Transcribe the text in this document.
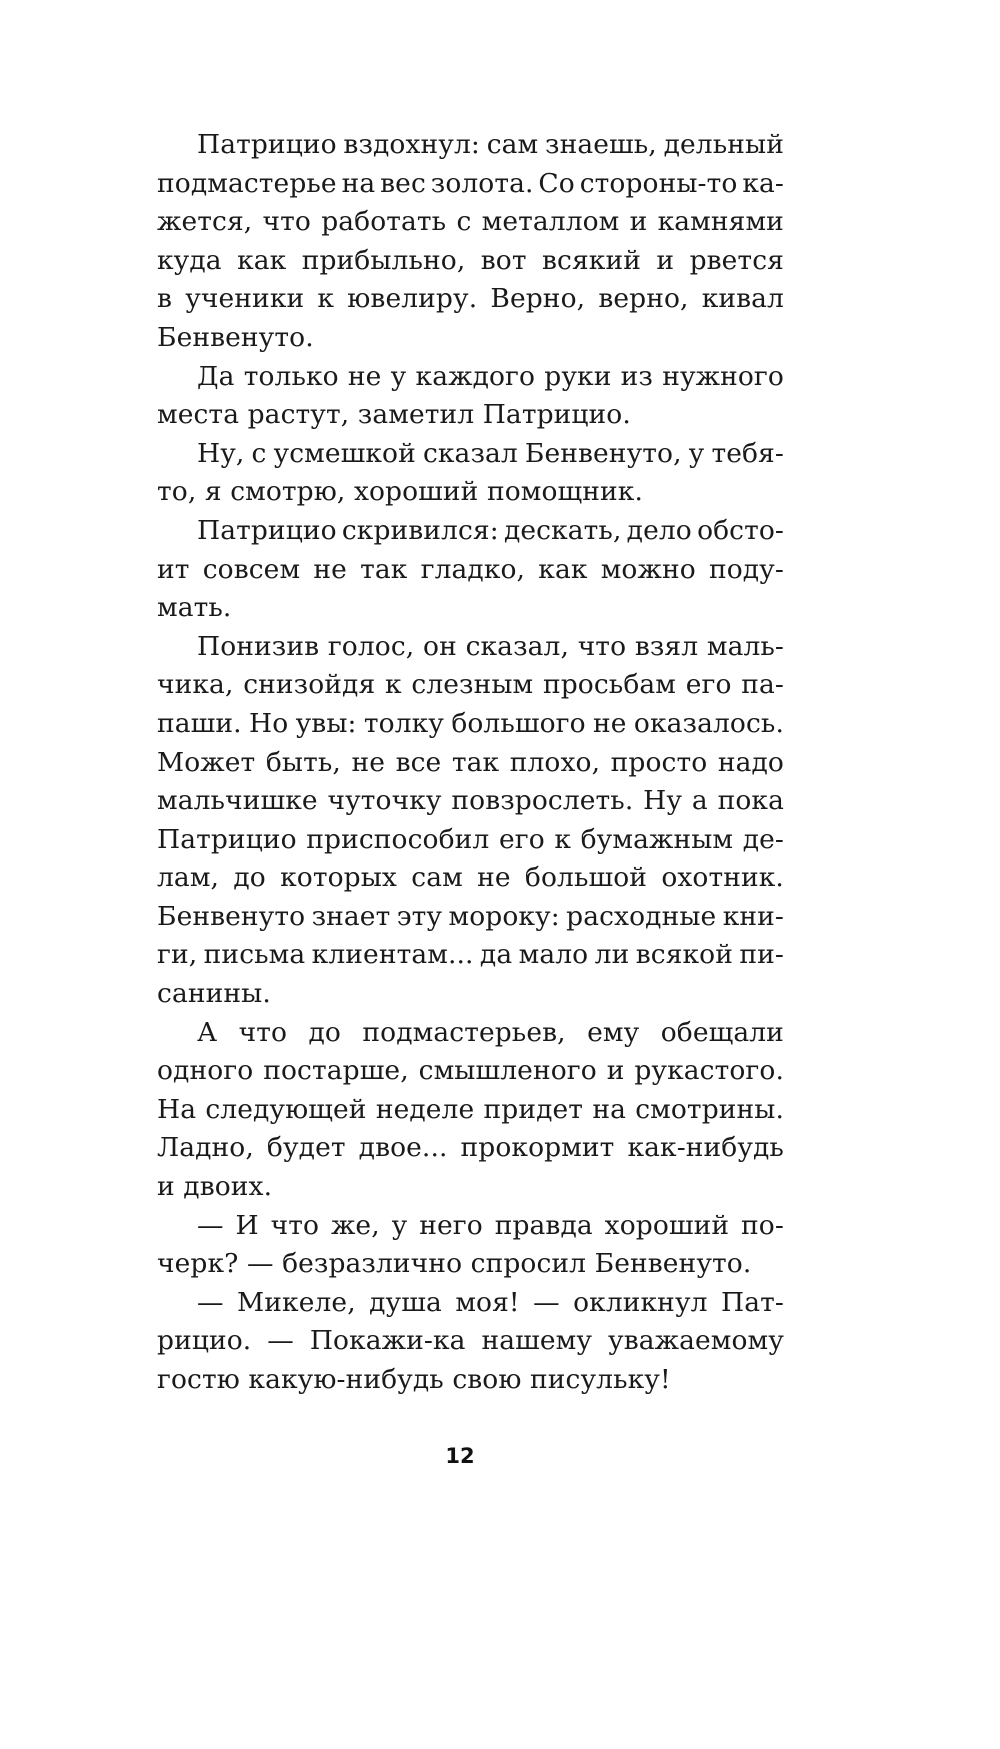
Патрицио вздохнул: сам знаешь, дельный
подмастерье на вес золота. Со стороны-то ка-
жется, что работать с металлом и камнями
куда как прибыльно, вот всякий и рвется
в ученики к ювелиру. Верно, верно, кивал
Бенвенуто.
Да только не у каждого руки из нужного
места растут, заметил Патрицио.
Ну, с усмешкой сказал Бенвенуто, у тебя-
то, я смотрю, хороший помощник.
Патрицио скривился: дескать, дело обсто-
ит совсем не так гладко, как можно поду-
мать.
Понизив голос, он сказал, что взял маль-
чика, снизойдя к слезным просьбам его па-
паши. Но увы: толку большого не оказалось.
Может быть, не все так плохо, просто надо
мальчишке чуточку повзрослеть. Ну а пока
Патрицио приспособил его к бумажным де-
лам, до которых сам не большой охотник.
Бенвенуто знает эту мороку: расходные кни-
ги, письма клиентам... да мало ли всякой пи-
санины.
А что до подмастерьев, ему обещали
одного постарше, смышленого и рукастого.
На следующей неделе придет на смотрины.
Ладно, будет двое... прокормит как-нибудь
и двоих.
— И что же, у него правда хороший по-
черк? — безразлично спросил Бенвенуто.
— Микеле, душа моя! — окликнул Пат-
рицио. — Покажи-ка нашему уважаемому
гостю какую-нибудь свою писульку!
12
